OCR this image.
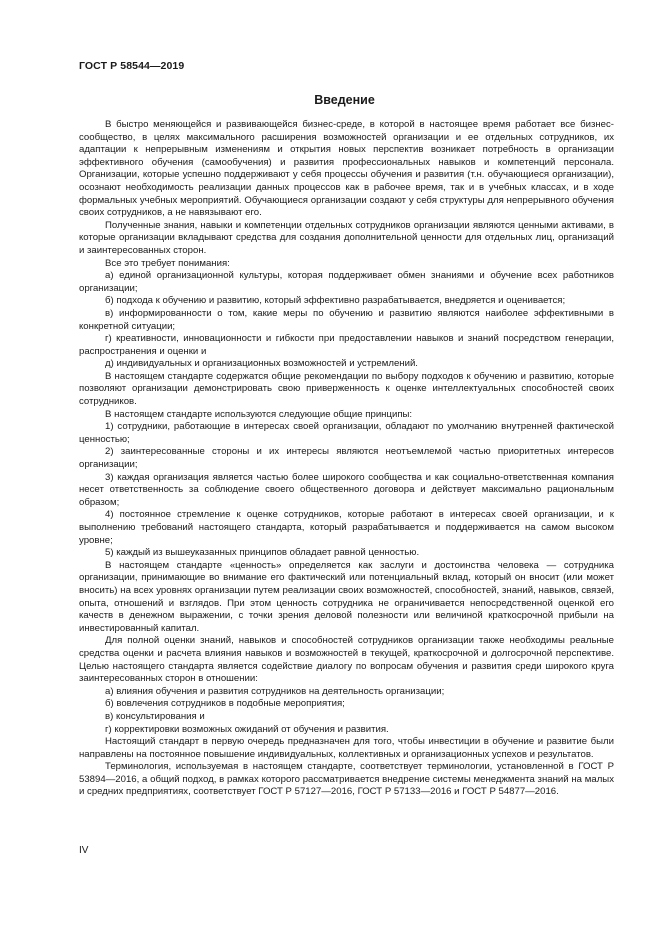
ГОСТ Р 58544—2019
Введение

В быстро меняющейся и развивающейся бизнес-среде, в которой в настоящее время работает все бизнес-сообщество, в целях максимального расширения возможностей организации и ее отдельных сотрудников, их адаптации к непрерывным изменениям и открытия новых перспектив возникает потребность в организации эффективного обучения (самообучения) и развития профессиональных навыков и компетенций персонала. Организации, которые успешно поддерживают у себя процессы обучения и развития (т.н. обучающиеся организации), осознают необходимость реализации данных процессов как в рабочее время, так и в учебных классах, и в ходе формальных учебных мероприятий. Обучающиеся организации создают у себя структуры для непрерывного обучения своих сотрудников, а не навязывают его.

Полученные знания, навыки и компетенции отдельных сотрудников организации являются ценными активами, в которые организации вкладывают средства для создания дополнительной ценности для отдельных лиц, организаций и заинтересованных сторон.

Все это требует понимания:

а) единой организационной культуры, которая поддерживает обмен знаниями и обучение всех работников организации;

б) подхода к обучению и развитию, который эффективно разрабатывается, внедряется и оценивается;

в) информированности о том, какие меры по обучению и развитию являются наиболее эффективными в конкретной ситуации;

г) креативности, инновационности и гибкости при предоставлении навыков и знаний посредством генерации, распространения и оценки и

д) индивидуальных и организационных возможностей и устремлений.

В настоящем стандарте содержатся общие рекомендации по выбору подходов к обучению и развитию, которые позволяют организации демонстрировать свою приверженность к оценке интеллектуальных способностей своих сотрудников.

В настоящем стандарте используются следующие общие принципы:

1) сотрудники, работающие в интересах своей организации, обладают по умолчанию внутренней фактической ценностью;

2) заинтересованные стороны и их интересы являются неотъемлемой частью приоритетных интересов организации;

3) каждая организация является частью более широкого сообщества и как социально-ответственная компания несет ответственность за соблюдение своего общественного договора и действует максимально рациональным образом;

4) постоянное стремление к оценке сотрудников, которые работают в интересах своей организации, и к выполнению требований настоящего стандарта, который разрабатывается и поддерживается на самом высоком уровне;

5) каждый из вышеуказанных принципов обладает равной ценностью.

В настоящем стандарте «ценность» определяется как заслуги и достоинства человека — сотрудника организации, принимающие во внимание его фактический или потенциальный вклад, который он вносит (или может вносить) на всех уровнях организации путем реализации своих возможностей, способностей, знаний, навыков, связей, опыта, отношений и взглядов. При этом ценность сотрудника не ограничивается непосредственной оценкой его качеств в денежном выражении, с точки зрения деловой полезности или величиной краткосрочной прибыли на инвестированный капитал.

Для полной оценки знаний, навыков и способностей сотрудников организации также необходимы реальные средства оценки и расчета влияния навыков и возможностей в текущей, краткосрочной и долгосрочной перспективе. Целью настоящего стандарта является содействие диалогу по вопросам обучения и развития среди широкого круга заинтересованных сторон в отношении:

а) влияния обучения и развития сотрудников на деятельность организации;

б) вовлечения сотрудников в подобные мероприятия;

в) консультирования и

г) корректировки возможных ожиданий от обучения и развития.

Настоящий стандарт в первую очередь предназначен для того, чтобы инвестиции в обучение и развитие были направлены на постоянное повышение индивидуальных, коллективных и организационных успехов и результатов.

Терминология, используемая в настоящем стандарте, соответствует терминологии, установленной в ГОСТ Р 53894—2016, а общий подход, в рамках которого рассматривается внедрение системы менеджмента знаний на малых и средних предприятиях, соответствует ГОСТ Р 57127—2016, ГОСТ Р 57133—2016 и ГОСТ Р 54877—2016.

IV
